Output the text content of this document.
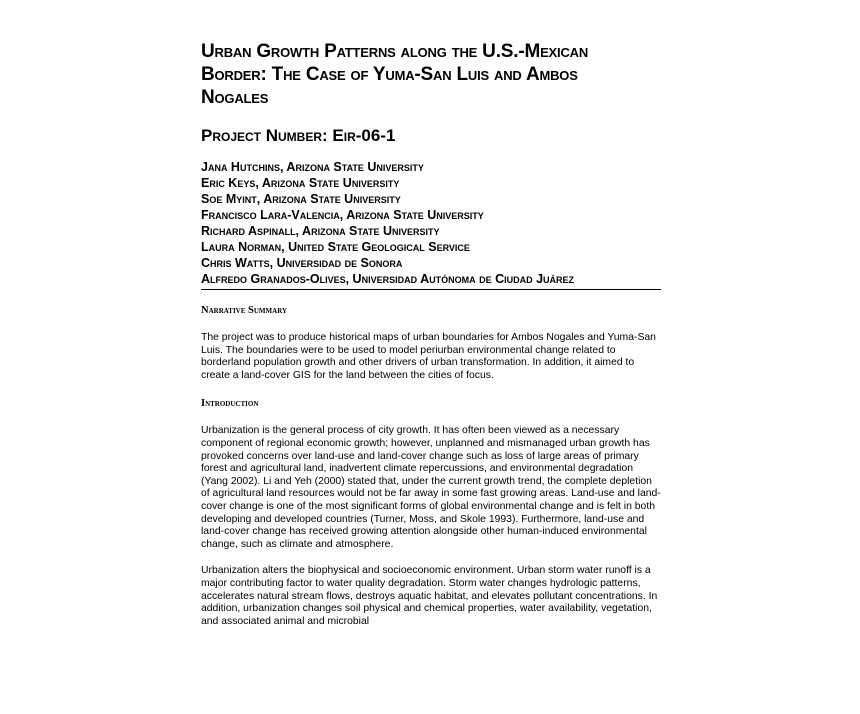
Urban Growth Patterns along the U.S.-Mexican
Border: The Case of Yuma-San Luis and Ambos
Nogales
Project Number: Eir-06-1
Jana Hutchins, Arizona State University
Eric Keys, Arizona State University
Soe Myint, Arizona State University
Francisco Lara-Valencia, Arizona State University
Richard Aspinall, Arizona State University
Laura Norman, United State Geological Service
Chris Watts, Universidad de Sonora
Alfredo Granados-Olives, Universidad Autónoma de Ciudad Juárez
Narrative Summary

The project was to produce historical maps of urban boundaries for Ambos Nogales and Yuma-San Luis. The boundaries were to be used to model periurban environmental change related to borderland population growth and other drivers of urban transformation. In addition, it aimed to create a land-cover GIS for the land between the cities of focus.

Introduction

Urbanization is the general process of city growth. It has often been viewed as a necessary component of regional economic growth; however, unplanned and mismanaged urban growth has provoked concerns over land-use and land-cover change such as loss of large areas of primary forest and agricultural land, inadvertent climate repercussions, and environmental degradation (Yang 2002). Li and Yeh (2000) stated that, under the current growth trend, the complete depletion of agricultural land resources would not be far away in some fast growing areas. Land-use and land-cover change is one of the most significant forms of global environmental change and is felt in both developing and developed countries (Turner, Moss, and Skole 1993). Furthermore, land-use and land-cover change has received growing attention alongside other human-induced environmental change, such as climate and atmosphere.

Urbanization alters the biophysical and socioeconomic environment. Urban storm water runoff is a major contributing factor to water quality degradation. Storm water changes hydrologic patterns, accelerates natural stream flows, destroys aquatic habitat, and elevates pollutant concentrations. In addition, urbanization changes soil physical and chemical properties, water availability, vegetation, and associated animal and microbial
